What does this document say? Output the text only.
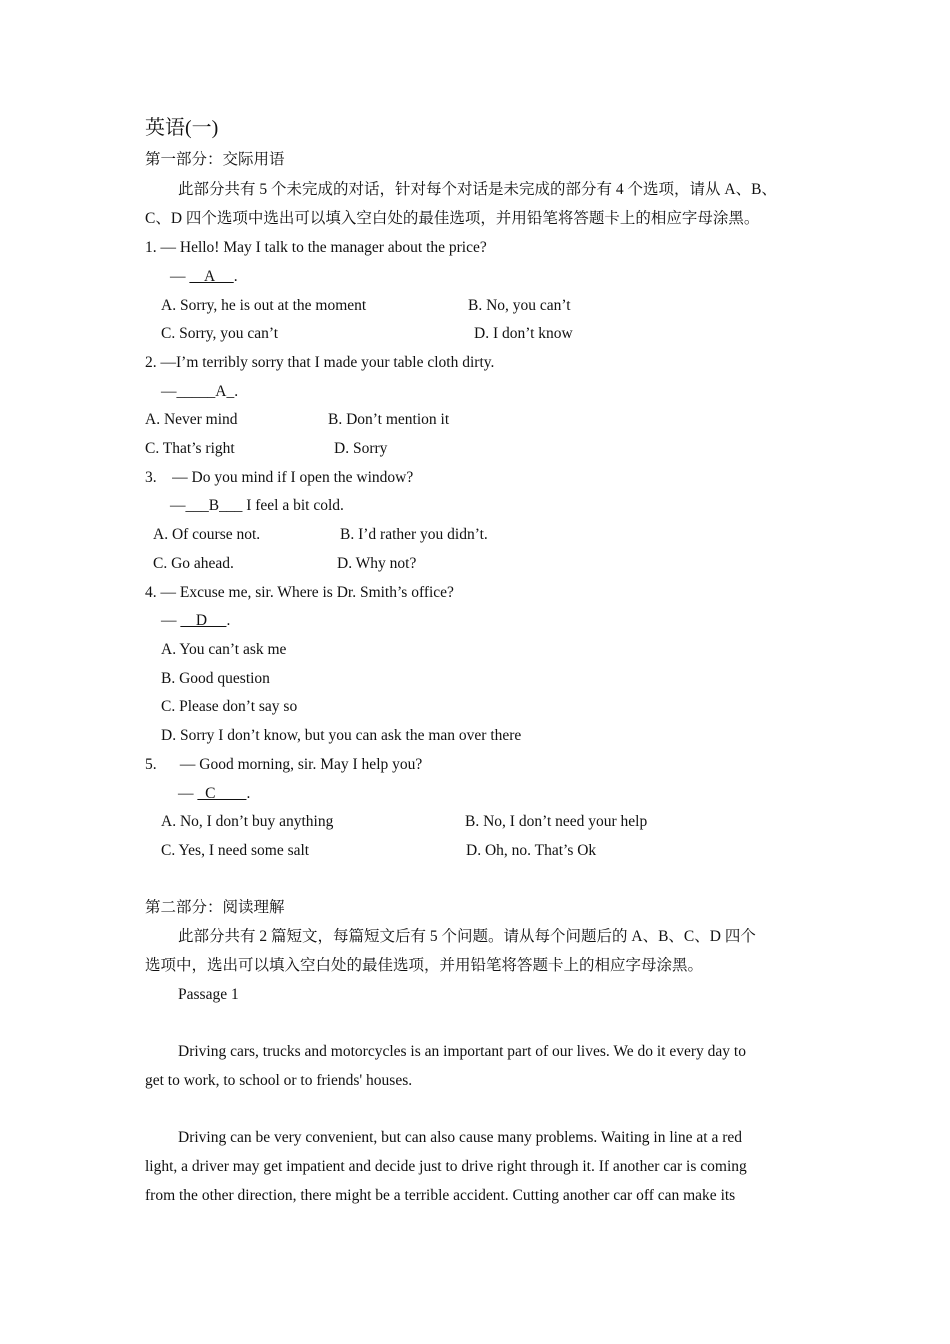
英语(一)
第一部分：交际用语
此部分共有 5 个未完成的对话，针对每个对话是未完成的部分有 4 个选项，请从 A、B、
C、D 四个选项中选出可以填入空白处的最佳选项，并用铅笔将答题卡上的相应字母涂黑。
1. — Hello! May I talk to the manager about the price?
—     A     .
A. Sorry, he is out at the moment	B. No, you can’t
C. Sorry, you can’t	D. I don’t know
2. —I’m terribly sorry that I made your table cloth dirty.
—_____A_.
A. Never mind	B. Don’t mention it
C. That’s right	D. Sorry
3.    — Do you mind if I open the window?
—___B___ I feel a bit cold.
A. Of course not.	B. I’d rather you didn’t.
C. Go ahead.	D. Why not?
4. — Excuse me, sir. Where is Dr. Smith’s office?
—     D     .
A. You can’t ask me
B. Good question
C. Please don’t say so
D. Sorry I don’t know, but you can ask the man over there
5.      — Good morning, sir. May I help you?
—   C        .
A. No, I don’t buy anything	B. No, I don’t need your help
C. Yes, I need some salt	D. Oh, no. That’s Ok
第二部分：阅读理解
此部分共有 2 篇短文，每篇短文后有 5 个问题。请从每个问题后的 A、B、C、D 四个
选项中，选出可以填入空白处的最佳选项，并用铅笔将答题卡上的相应字母涂黑。
Passage 1
Driving cars, trucks and motorcycles is an important part of our lives. We do it every day to
get to work, to school or to friends' houses.
Driving can be very convenient, but can also cause many problems. Waiting in line at a red
light, a driver may get impatient and decide just to drive right through it. If another car is coming
from the other direction, there might be a terrible accident. Cutting another car off can make its
